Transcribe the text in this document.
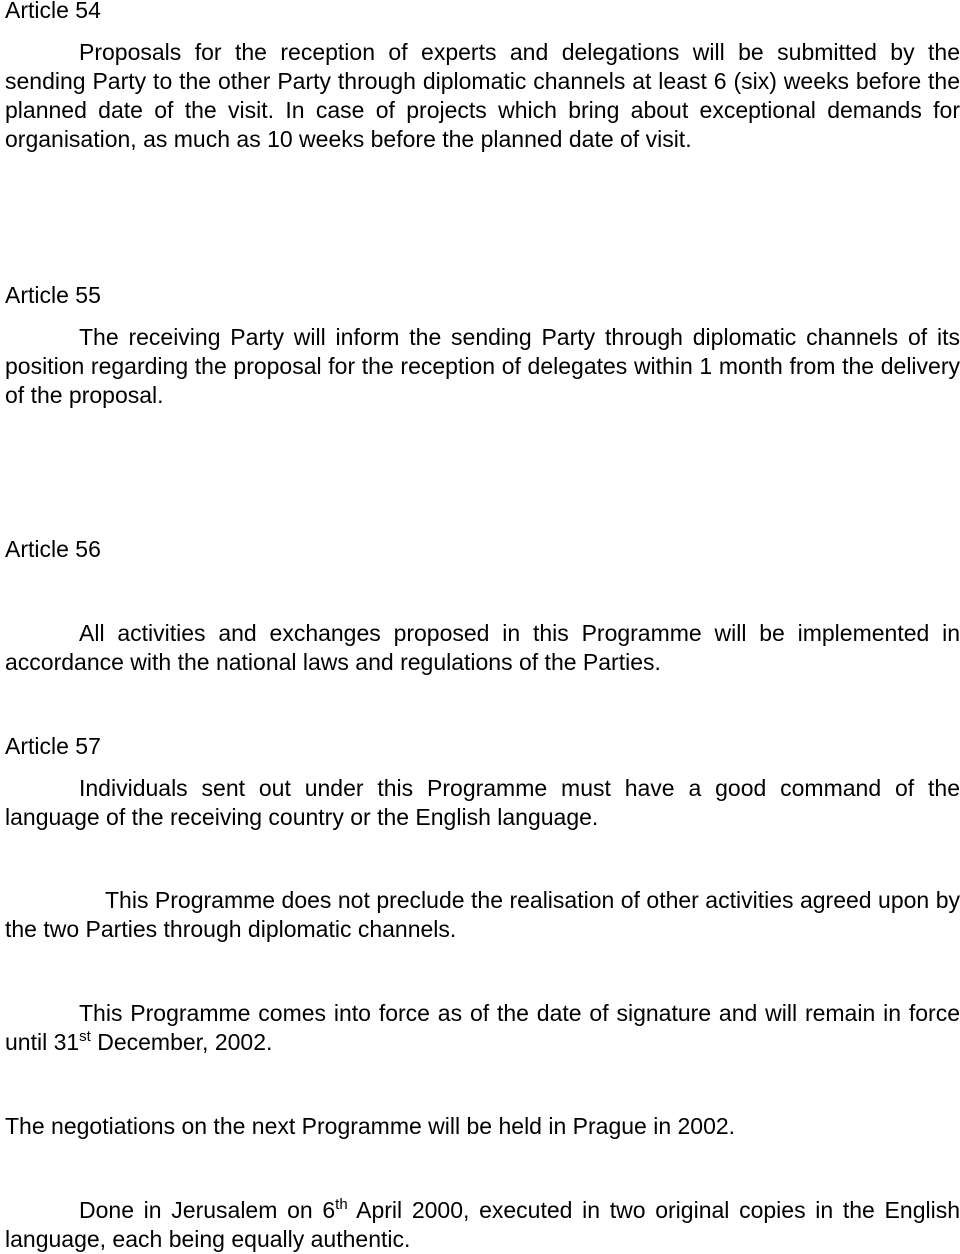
Article 54

Proposals for the reception of experts and delegations will be submitted by the sending Party to the other Party through diplomatic channels at least 6 (six) weeks before the planned date of the visit. In case of projects which bring about exceptional demands for organisation, as much as 10 weeks before the planned date of visit.

Article 55

The receiving Party will inform the sending Party through diplomatic channels of its position regarding the proposal for the reception of delegates within 1 month from the delivery of the proposal.

Article 56

All activities and exchanges proposed in this Programme will be implemented in accordance with the national laws and regulations of the Parties.

Article 57

Individuals sent out under this Programme must have a good command of the language of the receiving country or the English language.

This Programme does not preclude the realisation of other activities agreed upon by the two Parties through diplomatic channels.

This Programme comes into force as of the date of signature and will remain in force until 31st December, 2002.

The negotiations on the next Programme will be held in Prague in 2002.

Done in Jerusalem on 6th April 2000, executed in two original copies in the English language, each being equally authentic.
